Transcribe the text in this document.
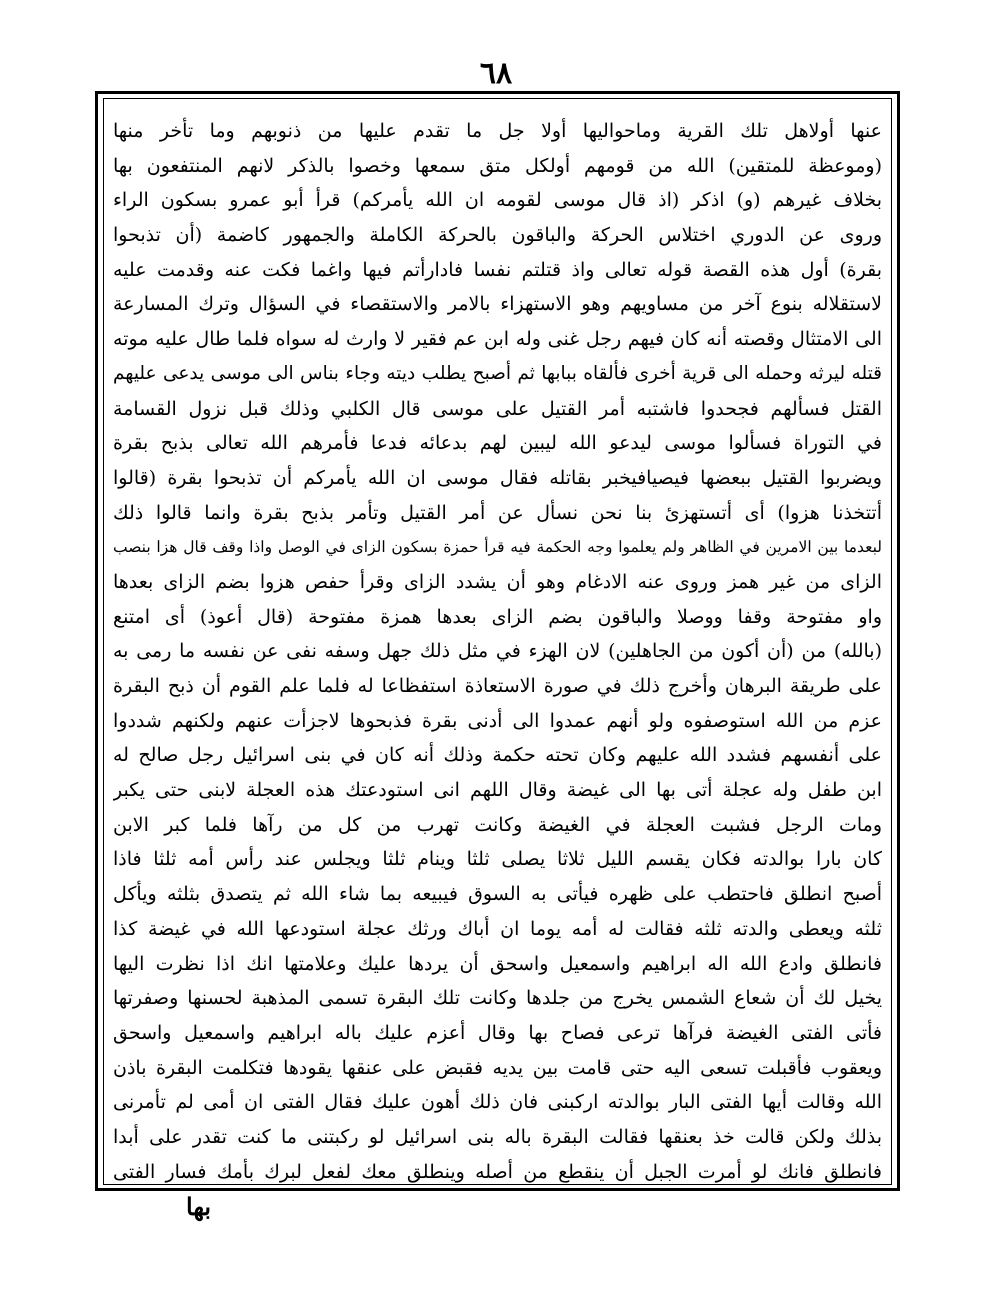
٦٨
عنها أولاهل تلك القرية وماحواليها أولا جل ما تقدم عليها من ذنوبهم وما تأخر منها
(وموعظة للمتقين) الله من قومهم أولكل متق سمعها وخصوا بالذكر لانهم المنتفعون بها
بخلاف غيرهم (و) اذكر (اذ قال موسى لقومه ان الله يأمركم) قرأ أبو عمرو بسكون الراء
وروى عن الدوري اختلاس الحركة والباقون بالحركة الكاملة والجمهور كاضمة (أن تذبحوا
بقرة) أول هذه القصة قوله تعالى واذ قتلتم نفسا فادارأتم فيها واغما فكت عنه وقدمت عليه
لاستقلاله بنوع آخر من مساويهم وهو الاستهزاء بالامر والاستقصاء في السؤال وترك المسارعة
الى الامتثال وقصته أنه كان فيهم رجل غنى وله ابن عم فقير لا وارث له سواه فلما طال عليه موته
قتله ليرثه وحمله الى قرية أخرى فألقاه ببابها ثم أصبح يطلب ديته وجاء بناس الى موسى يدعى عليهم
القتل فسألهم فجحدوا فاشتبه أمر القتيل على موسى قال الكلبي وذلك قبل نزول القسامة
في التوراة فسألوا موسى ليدعو الله ليبين لهم بدعائه فدعا فأمرهم الله تعالى بذبح بقرة
ويضربوا القتيل ببعضها فيصيافيخبر بقاتله فقال موسى ان الله يأمركم أن تذبحوا بقرة (قالوا
أتتخذنا هزوا) أى أتستهزئ بنا نحن نسأل عن أمر القتيل وتأمر بذبح بقرة وانما قالوا ذلك
لبعدما بين الامرين في الظاهر ولم يعلموا وجه الحكمة فيه قرأ حمزة بسكون الزاى في الوصل واذا وقف قال هزا بنصب
الزاى من غير همز وروى عنه الادغام وهو أن يشدد الزاى وقرأ حفص هزوا بضم الزاى بعدها
واو مفتوحة وقفا ووصلا والباقون بضم الزاى بعدها همزة مفتوحة (قال أعوذ) أى امتنع
(بالله) من (أن أكون من الجاهلين) لان الهزء في مثل ذلك جهل وسفه نفى عن نفسه ما رمى به
على طريقة البرهان وأخرج ذلك في صورة الاستعاذة استفظاعا له فلما علم القوم أن ذبح البقرة
عزم من الله استوصفوه ولو أنهم عمدوا الى أدنى بقرة فذبحوها لاجزأت عنهم ولكنهم شددوا
على أنفسهم فشدد الله عليهم وكان تحته حكمة وذلك أنه كان في بنى اسرائيل رجل صالح له
ابن طفل وله عجلة أتى بها الى غيضة وقال اللهم انى استودعتك هذه العجلة لابنى حتى يكبر
ومات الرجل فشبت العجلة في الغيضة وكانت تهرب من كل من رآها فلما كبر الابن
كان بارا بوالدته فكان يقسم الليل ثلاثا يصلى ثلثا وينام ثلثا ويجلس عند رأس أمه ثلثا فاذا
أصبح انطلق فاحتطب على ظهره فيأتى به السوق فيبيعه بما شاء الله ثم يتصدق بثلثه ويأكل
ثلثه ويعطى والدته ثلثه فقالت له أمه يوما ان أباك ورثك عجلة استودعها الله في غيضة كذا
فانطلق وادع الله اله ابراهيم واسمعيل واسحق أن يردها عليك وعلامتها انك اذا نظرت اليها
يخيل لك أن شعاع الشمس يخرج من جلدها وكانت تلك البقرة تسمى المذهبة لحسنها وصفرتها
فأتى الفتى الغيضة فرآها ترعى فصاح بها وقال أعزم عليك باله ابراهيم واسمعيل واسحق
ويعقوب فأقبلت تسعى اليه حتى قامت بين يديه فقبض على عنقها يقودها فتكلمت البقرة باذن
الله وقالت أيها الفتى البار بوالدته اركبنى فان ذلك أهون عليك فقال الفتى ان أمى لم تأمرنى
بذلك ولكن قالت خذ بعنقها فقالت البقرة باله بنى اسرائيل لو ركبتنى ما كنت تقدر على أبدا
فانطلق فانك لو أمرت الجبل أن ينقطع من أصله وينطلق معك لفعل لبرك بأمك فسار الفتى
بها
